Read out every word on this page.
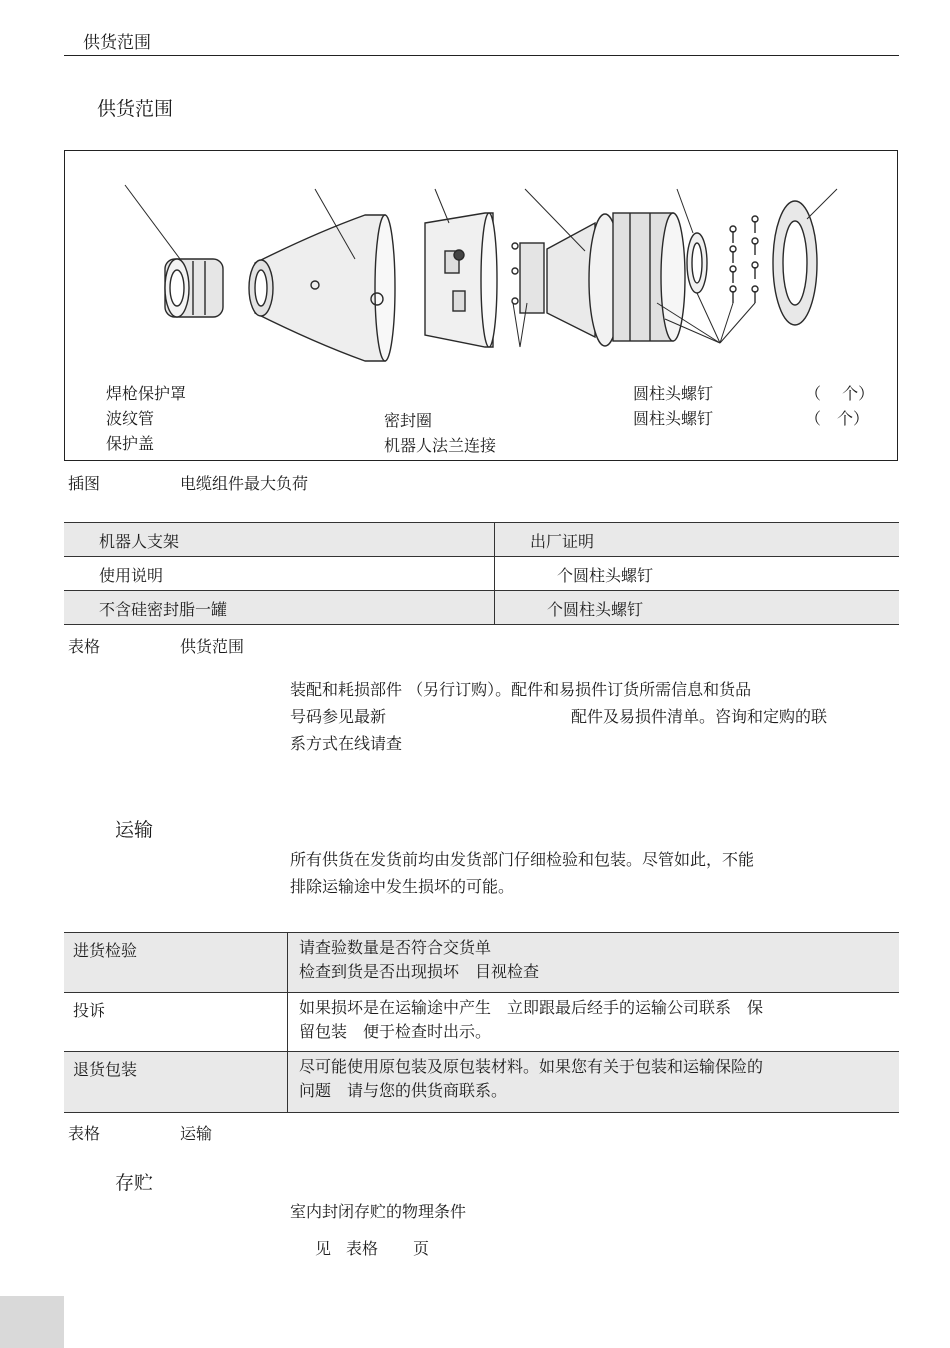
供货范围
供货范围
焊枪保护罩
波纹管
保护盖
密封圈
机器人法兰连接
圆柱头螺钉	（　 个）
圆柱头螺钉	（　个）
插图	电缆组件最大负荷
机器人支架	出厂证明

使用说明	个圆柱头螺钉

不含硅密封脂一罐	个圆柱头螺钉
表格	供货范围
装配和耗损部件 （另行订购）。配件和易损件订货所需信息和货品
号码参见最新	配件及易损件清单。咨询和定购的联
系方式在线请查
运输
所有供货在发货前均由发货部门仔细检验和包装。尽管如此，不能
排除运输途中发生损坏的可能。
进货检验	请查验数量是否符合交货单
检查到货是否出现损坏　目视检查

投诉	如果损坏是在运输途中产生　立即跟最后经手的运输公司联系　保
留包装　便于检查时出示。

退货包装	尽可能使用原包装及原包装材料。如果您有关于包装和运输保险的
问题　请与您的供货商联系。
表格	运输
存贮
室内封闭存贮的物理条件
见 表格 页
